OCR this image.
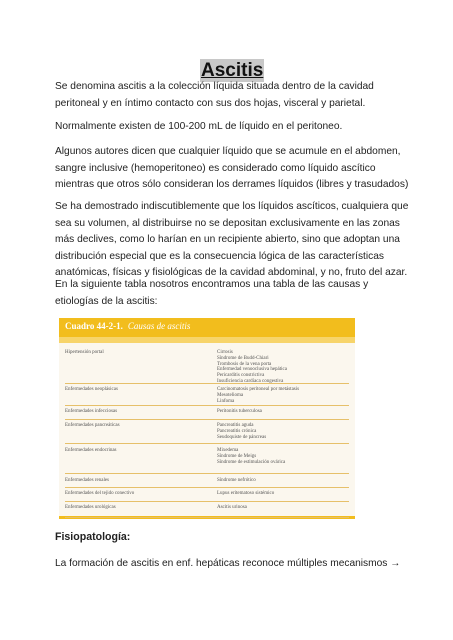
Ascitis

Se denomina ascitis a la colección líquida situada dentro de la cavidad
peritoneal y en íntimo contacto con sus dos hojas, visceral y parietal.

Normalmente existen de 100-200 mL de líquido en el peritoneo.

Algunos autores dicen que cualquier líquido que se acumule en el abdomen,
sangre inclusive (hemoperitoneo) es considerado como líquido ascítico
mientras que otros sólo consideran los derrames líquidos (libres y trasudados)

Se ha demostrado indiscutiblemente que los líquidos ascíticos, cualquiera que
sea su volumen, al distribuirse no se depositan exclusivamente en las zonas
más declives, como lo harían en un recipiente abierto, sino que adoptan una
distribución especial que es la consecuencia lógica de las características
anatómicas, físicas y fisiológicas de la cavidad abdominal, y no, fruto del azar.

En la siguiente tabla nosotros encontramos una tabla de las causas y
etiologías de la ascitis:

Cuadro 44-2-1. Causas de ascitis
Hipertensión portal	Cirrosis
Síndrome de Budd-Chiari
Trombosis de la vena porta
Enfermedad venooclusiva hepática
Pericarditis constrictiva
Insuficiencia cardíaca congestiva
Enfermedades neoplásicas	Carcinomatosis peritoneal por metástasis
Mesotelioma
Linfoma
Enfermedades infecciosas	Peritonitis tuberculosa
Enfermedades pancreáticas	Pancreatitis aguda
Pancreatitis crónica
Seudoquiste de páncreas
Enfermedades endocrinas	Mixedema
Síndrome de Meigs
Síndrome de estimulación ovárica
Enfermedades renales	Síndrome nefrótico
Enfermedades del tejido conectivo	Lupus eritematoso sistémico
Enfermedades urológicas	Ascitis urinosa
Fisiopatología:

La formación de ascitis en enf. hepáticas reconoce múltiples mecanismos →
